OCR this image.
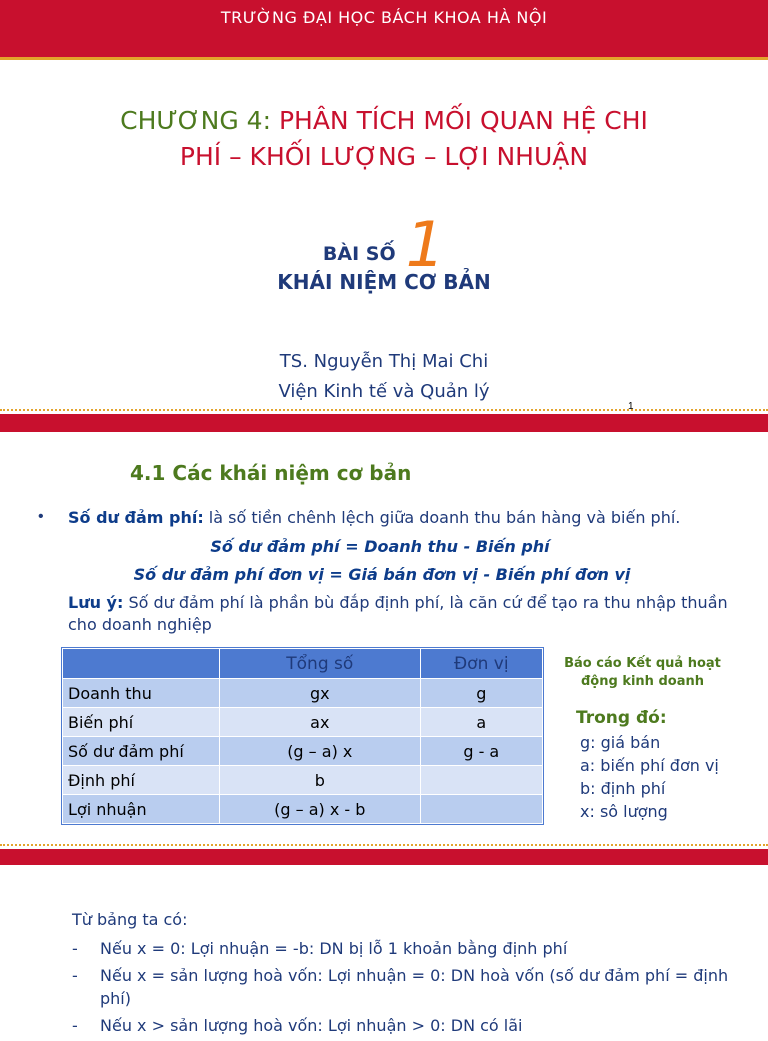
TRƯỜNG ĐẠI HỌC BÁCH KHOA HÀ NỘI
CHƯƠNG 4: PHÂN TÍCH MỐI QUAN HỆ CHI
PHÍ – KHỐI LƯỢNG – LỢI NHUẬN
BÀI SỐ 1
KHÁI NIỆM CƠ BẢN
TS. Nguyễn Thị Mai Chi
Viện Kinh tế và Quản lý
1
4.1 Các khái niệm cơ bản
• Số dư đảm phí: là số tiền chênh lệch giữa doanh thu bán hàng và biến phí.
Số dư đảm phí = Doanh thu - Biến phí
Số dư đảm phí đơn vị = Giá bán đơn vị - Biến phí đơn vị
Lưu ý: Số dư đảm phí là phần bù đắp định phí, là căn cứ để tạo ra thu nhập thuần cho doanh nghiệp
	Tổng số	Đơn vị
Doanh thu	gx	g
Biến phí	ax	a
Số dư đảm phí	(g – a) x	g - a
Định phí	b	
Lợi nhuận	(g – a) x - b	
Báo cáo Kết quả hoạt
động kinh doanh
Trong đó:
g: giá bán
a: biến phí đơn vị
b: định phí
x: sô lượng
Từ bảng ta có:
- Nếu x = 0: Lợi nhuận = -b: DN bị lỗ 1 khoản bằng định phí
- Nếu x = sản lượng hoà vốn: Lợi nhuận = 0: DN hoà vốn (số dư đảm phí = định phí)
- Nếu x > sản lượng hoà vốn: Lợi nhuận > 0: DN có lãi
